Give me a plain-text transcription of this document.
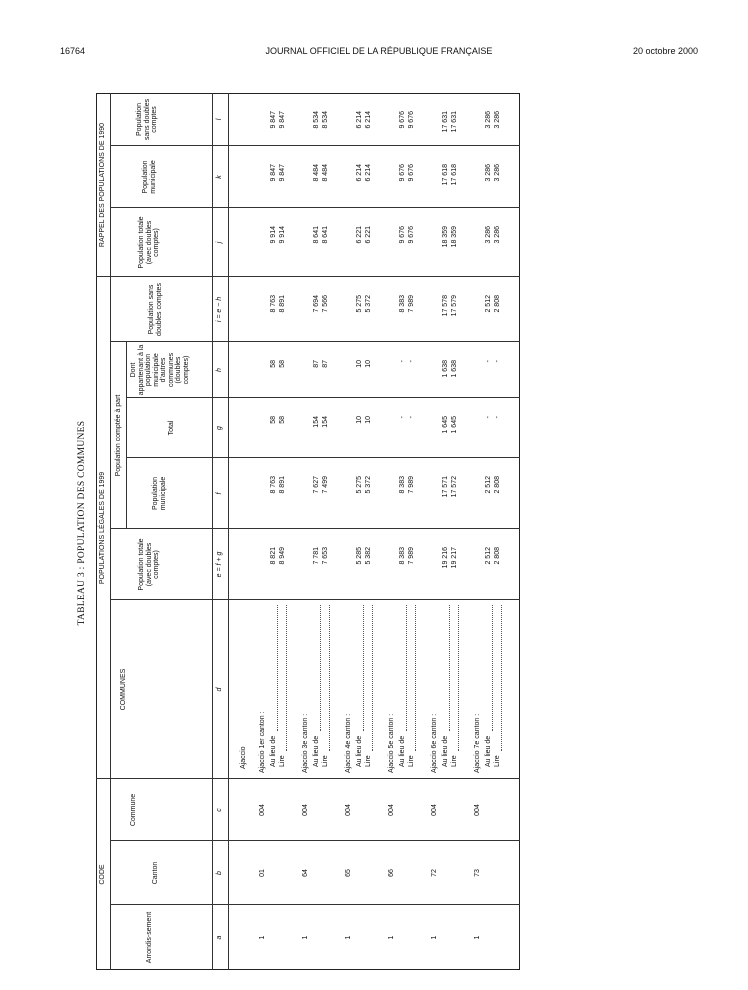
16764	JOURNAL OFFICIEL DE LA RÉPUBLIQUE FRANÇAISE	20 octobre 2000
TABLEAU 3 : POPULATION DES COMMUNES
CODE
POPULATIONS LÉGALES DE 1999
Population comptée à part
RAPPEL DES POPULATIONS DE 1990
Arrondis-sement
Canton
Commune
COMMUNES
Population totale (avec doubles comptes)
Population municipale
Total
Dont appartenant à la population municipale d'autres communes (doubles comptes)
Population sans doubles comptes
Population totale (avec doubles comptes)
Population municipale
Population sans doubles comptes
a
b
c
d
e = f + g
f
g
h
i = e − h
j
k
l
Ajaccio
1
01
004
Ajaccio 1er canton : Au lieu de
8 821
8 763
58
58
8 763
9 914
9 847
9 847
Lire
8 949
8 891
58
58
8 891
9 914
9 847
9 847
1
64
004
Ajaccio 3e canton : Au lieu de
7 781
7 627
154
87
7 694
8 641
8 484
8 534
Lire
7 653
7 499
154
87
7 566
8 641
8 484
8 534
1
65
004
Ajaccio 4e canton : Au lieu de
5 285
5 275
10
10
5 275
6 221
6 214
6 214
Lire
5 382
5 372
10
10
5 372
6 221
6 214
6 214
1
66
004
Ajaccio 5e canton : Au lieu de
8 383
8 383
-
-
8 383
9 676
9 676
9 676
Lire
7 989
7 989
-
-
7 989
9 676
9 676
9 676
1
72
004
Ajaccio 6e canton : Au lieu de
19 216
17 571
1 645
1 638
17 578
18 359
17 618
17 631
Lire
19 217
17 572
1 645
1 638
17 579
18 359
17 618
17 631
1
73
004
Ajaccio 7e canton : Au lieu de
2 512
2 512
-
-
2 512
3 286
3 286
3 286
Lire
2 808
2 808
-
-
2 808
3 286
3 286
3 286
